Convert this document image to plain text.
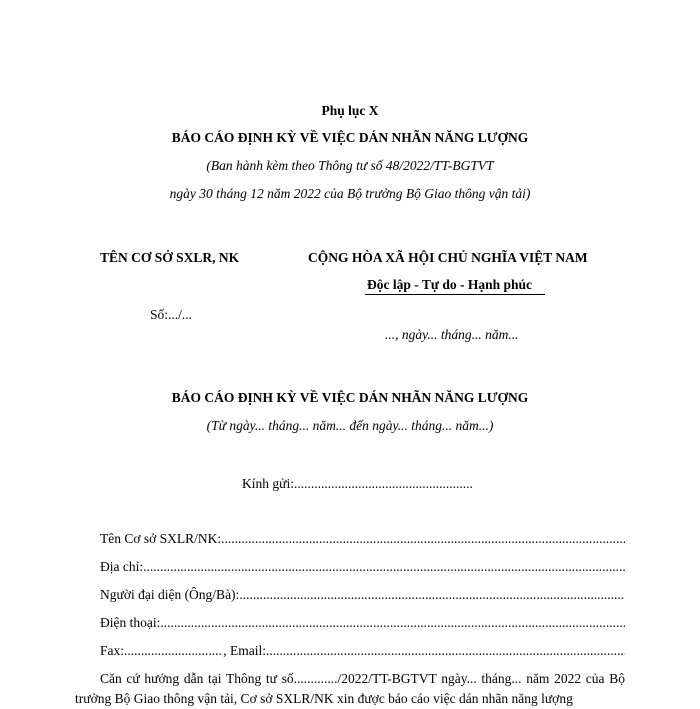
Phụ lục X
BÁO CÁO ĐỊNH KỲ VỀ VIỆC DÁN NHÃN NĂNG LƯỢNG
(Ban hành kèm theo Thông tư số 48/2022/TT-BGTVT
ngày 30 tháng 12 năm 2022 của Bộ trưởng Bộ Giao thông vận tải)
TÊN CƠ SỞ SXLR, NK	CỘNG HÒA XÃ HỘI CHỦ NGHĨA VIỆT NAM
Độc lập - Tự do - Hạnh phúc
Số:.../...
..., ngày... tháng... năm...
BÁO CÁO ĐỊNH KỲ VỀ VIỆC DÁN NHÃN NĂNG LƯỢNG
(Từ ngày... tháng... năm... đến ngày... tháng... năm...)
Kính gửi:.....................................................
Tên Cơ sở SXLR/NK:
.....
Địa chỉ:
.....
Người đại diện (Ông/Bà):
.....
Điện thoại:
.....
Fax:
.....	, Email:
.....
Căn cứ hướng dẫn tại Thông tư số............./2022/TT-BGTVT ngày... tháng... năm 2022 của Bộ trưởng Bộ Giao thông vận tải, Cơ sở SXLR/NK xin được báo cáo việc dán nhãn năng lượng
